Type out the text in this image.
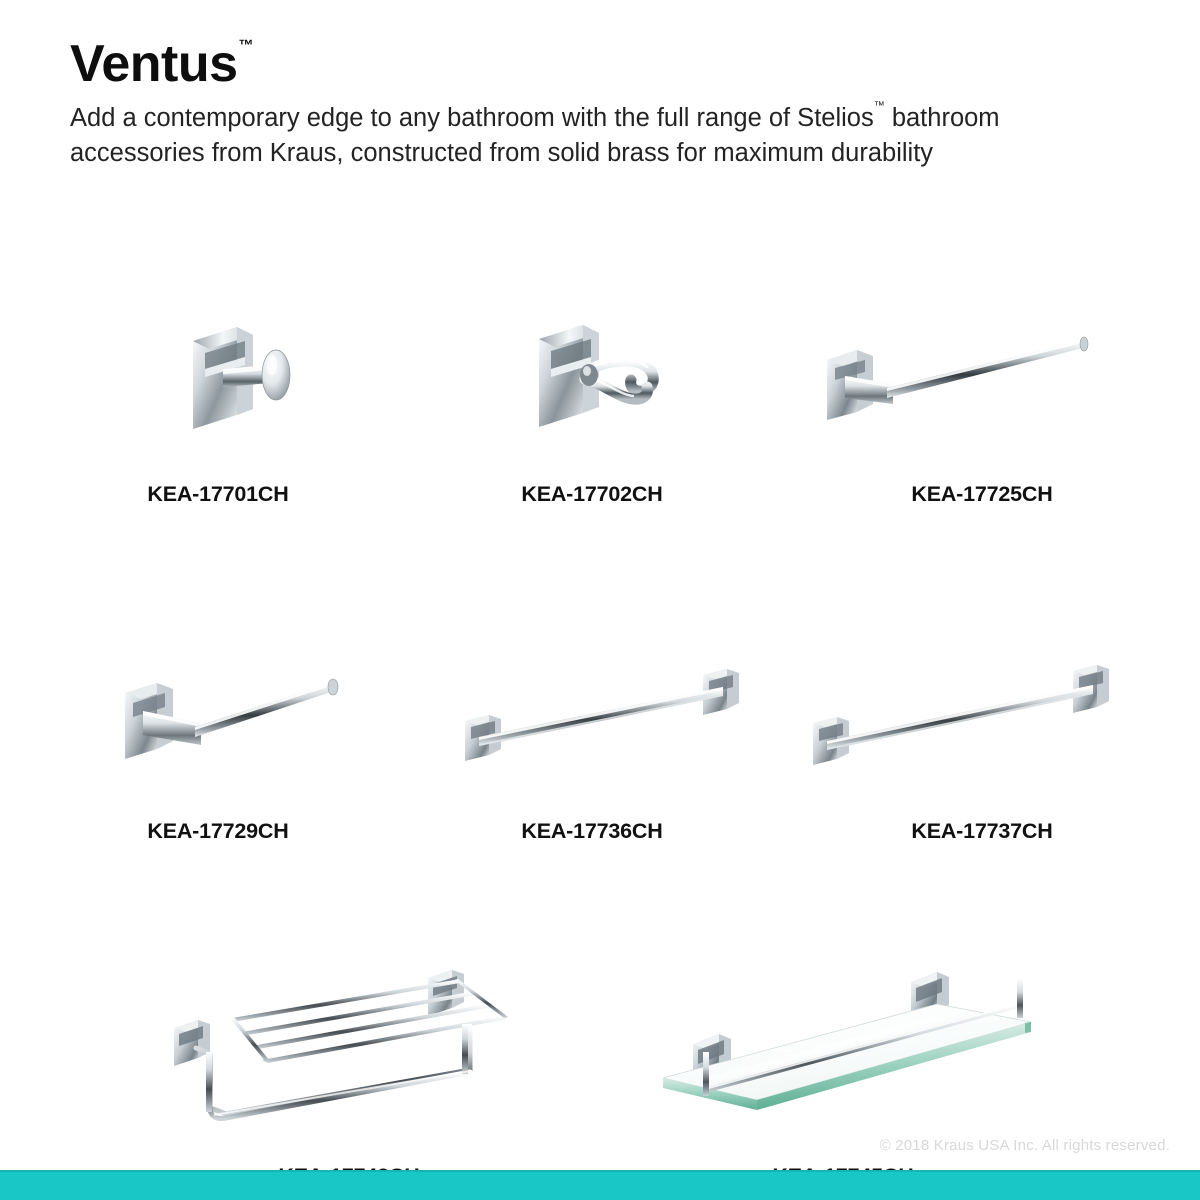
Ventus™

Add a contemporary edge to any bathroom with the full range of Stelios™ bathroom accessories from Kraus, constructed from solid brass for maximum durability

KEA-17701CH	KEA-17702CH	KEA-17725CH
KEA-17729CH	KEA-17736CH	KEA-17737CH
© 2018 Kraus USA Inc. All rights reserved.
